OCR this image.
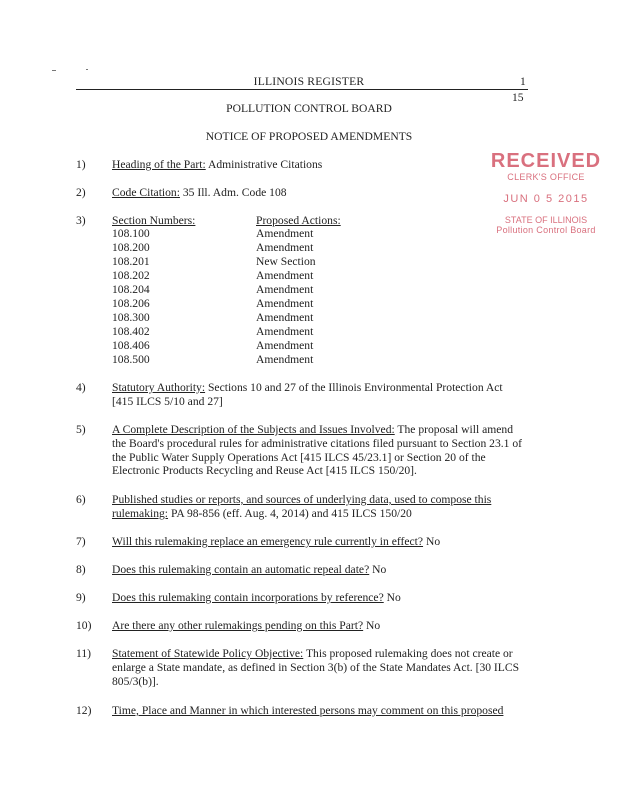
ILLINOIS REGISTER	1
15
POLLUTION CONTROL BOARD
NOTICE OF PROPOSED AMENDMENTS
RECEIVED
CLERK'S OFFICE
JUN 0 5 2015
STATE OF ILLINOIS
Pollution Control Board
1) Heading of the Part: Administrative Citations
2) Code Citation: 35 Ill. Adm. Code 108
3) Section Numbers:	Proposed Actions:
108.100	Amendment
108.200	Amendment
108.201	New Section
108.202	Amendment
108.204	Amendment
108.206	Amendment
108.300	Amendment
108.402	Amendment
108.406	Amendment
108.500	Amendment
4) Statutory Authority: Sections 10 and 27 of the Illinois Environmental Protection Act
[415 ILCS 5/10 and 27]
5) A Complete Description of the Subjects and Issues Involved: The proposal will amend
the Board's procedural rules for administrative citations filed pursuant to Section 23.1 of
the Public Water Supply Operations Act [415 ILCS 45/23.1] or Section 20 of the
Electronic Products Recycling and Reuse Act [415 ILCS 150/20].
6) Published studies or reports, and sources of underlying data, used to compose this
rulemaking: PA 98-856 (eff. Aug. 4, 2014) and 415 ILCS 150/20
7) Will this rulemaking replace an emergency rule currently in effect? No
8) Does this rulemaking contain an automatic repeal date? No
9) Does this rulemaking contain incorporations by reference? No
10) Are there any other rulemakings pending on this Part? No
11) Statement of Statewide Policy Objective: This proposed rulemaking does not create or
enlarge a State mandate, as defined in Section 3(b) of the State Mandates Act. [30 ILCS
805/3(b)].
12) Time, Place and Manner in which interested persons may comment on this proposed
